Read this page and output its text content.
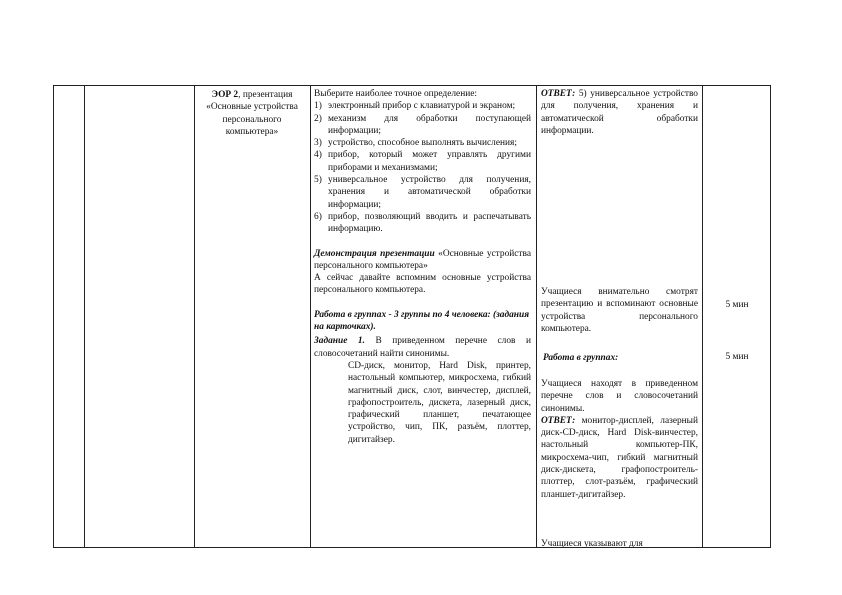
ЭОР 2, презентация
«Основные устройства персонального компьютера»
Выберите наиболее точное определение:
1) электронный прибор с клавиатурой и экраном;
2) механизм для обработки поступающей информации;
3) устройство, способное выполнять вычисления;
4) прибор, который может управлять другими приборами и механизмами;
5) универсальное устройство для получения, хранения и автоматической обработки информации;
6) прибор, позволяющий вводить и распечатывать информацию.
Демонстрация презентации «Основные устройства персонального компьютера»
А сейчас давайте вспомним основные устройства персонального компьютера.
Работа в группах - 3 группы по 4 человека: (задания на карточках).
Задание 1. В приведенном перечне слов и словосочетаний найти синонимы.
CD-диск, монитор, Hard Disk, принтер, настольный компьютер, микросхема, гибкий магнитный диск, слот, винчестер, дисплей, графопостроитель, дискета, лазерный диск, графический планшет, печатающее устройство, чип, ПК, разъём, плоттер, дигитайзер.
ОТВЕТ: 5) универсальное устройство для получения, хранения и автоматической обработки информации.
Учащиеся внимательно смотрят презентацию и вспоминают основные устройства персонального компьютера.
Работа в группах:
Учащиеся находят в приведенном перечне слов и словосочетаний синонимы.
ОТВЕТ: монитор-дисплей, лазерный диск-CD-диск, Hard Disk-винчестер, настольный компьютер-ПК, микросхема-чип, гибкий магнитный диск-дискета, графопостроитель-плоттер, слот-разъём, графический планшет-дигитайзер.
Учащиеся указывают для
5 мин
5 мин
